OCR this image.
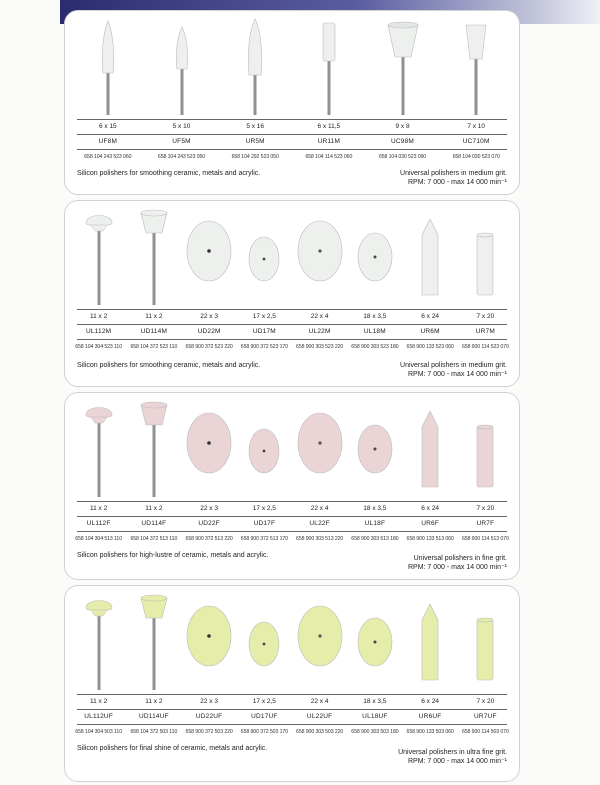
6 x 15	5 x 10	5 x 16	6 x 11,5	9 x 8	7 x 10
UF8M	UF5M	UR5M	UR11M	UC98M	UC710M
658 104 243 523 060	658 104 243 523 050	658 104 292 523 050	658 104 114 523 060	658 104 030 523 090	658 104 030 523 070
Silicon polishers for smoothing ceramic, metals and acrylic.	Universal polishers in medium grit.
RPM: 7 000 - max 14 000 min⁻¹
11 x 2	11 x 2	22 x 3	17 x 2,5	22 x 4	18 x 3,5	6 x 24	7 x 20
UL112M	UD114M	UD22M	UD17M	UL22M	UL18M	UR6M	UR7M
658 104 304 523 110	658 104 372 523 110	658 900 372 523 220	658 900 372 523 170	658 900 303 523 220	658 900 303 523 180	658 900 133 523 060	658 900 114 523 070
Silicon polishers for smoothing ceramic, metals and acrylic.	Universal polishers in medium grit.
RPM: 7 000 - max 14 000 min⁻¹
11 x 2	11 x 2	22 x 3	17 x 2,5	22 x 4	18 x 3,5	6 x 24	7 x 20
UL112F	UD114F	UD22F	UD17F	UL22F	UL18F	UR6F	UR7F
658 104 304 513 110	658 104 372 513 110	658 900 372 513 220	658 900 372 513 170	658 900 303 513 220	658 900 303 513 180	658 900 133 513 060	658 900 114 513 070
Silicon polishers for high-lustre of ceramic, metals and acrylic.	Universal polishers in fine grit.
RPM: 7 000 - max 14 000 min⁻¹
11 x 2	11 x 2	22 x 3	17 x 2,5	22 x 4	18 x 3,5	6 x 24	7 x 20
UL112UF	UD114UF	UD22UF	UD17UF	UL22UF	UL18UF	UR6UF	UR7UF
658 104 304 503 110	658 104 372 503 110	658 900 372 503 220	658 900 372 503 170	658 900 303 503 220	658 900 303 503 180	658 900 133 503 060	658 900 114 503 070
Silicon polishers for final shine of ceramic, metals and acrylic.
Universal polishers in ultra fine grit.
RPM: 7 000 - max 14 000 min⁻¹
